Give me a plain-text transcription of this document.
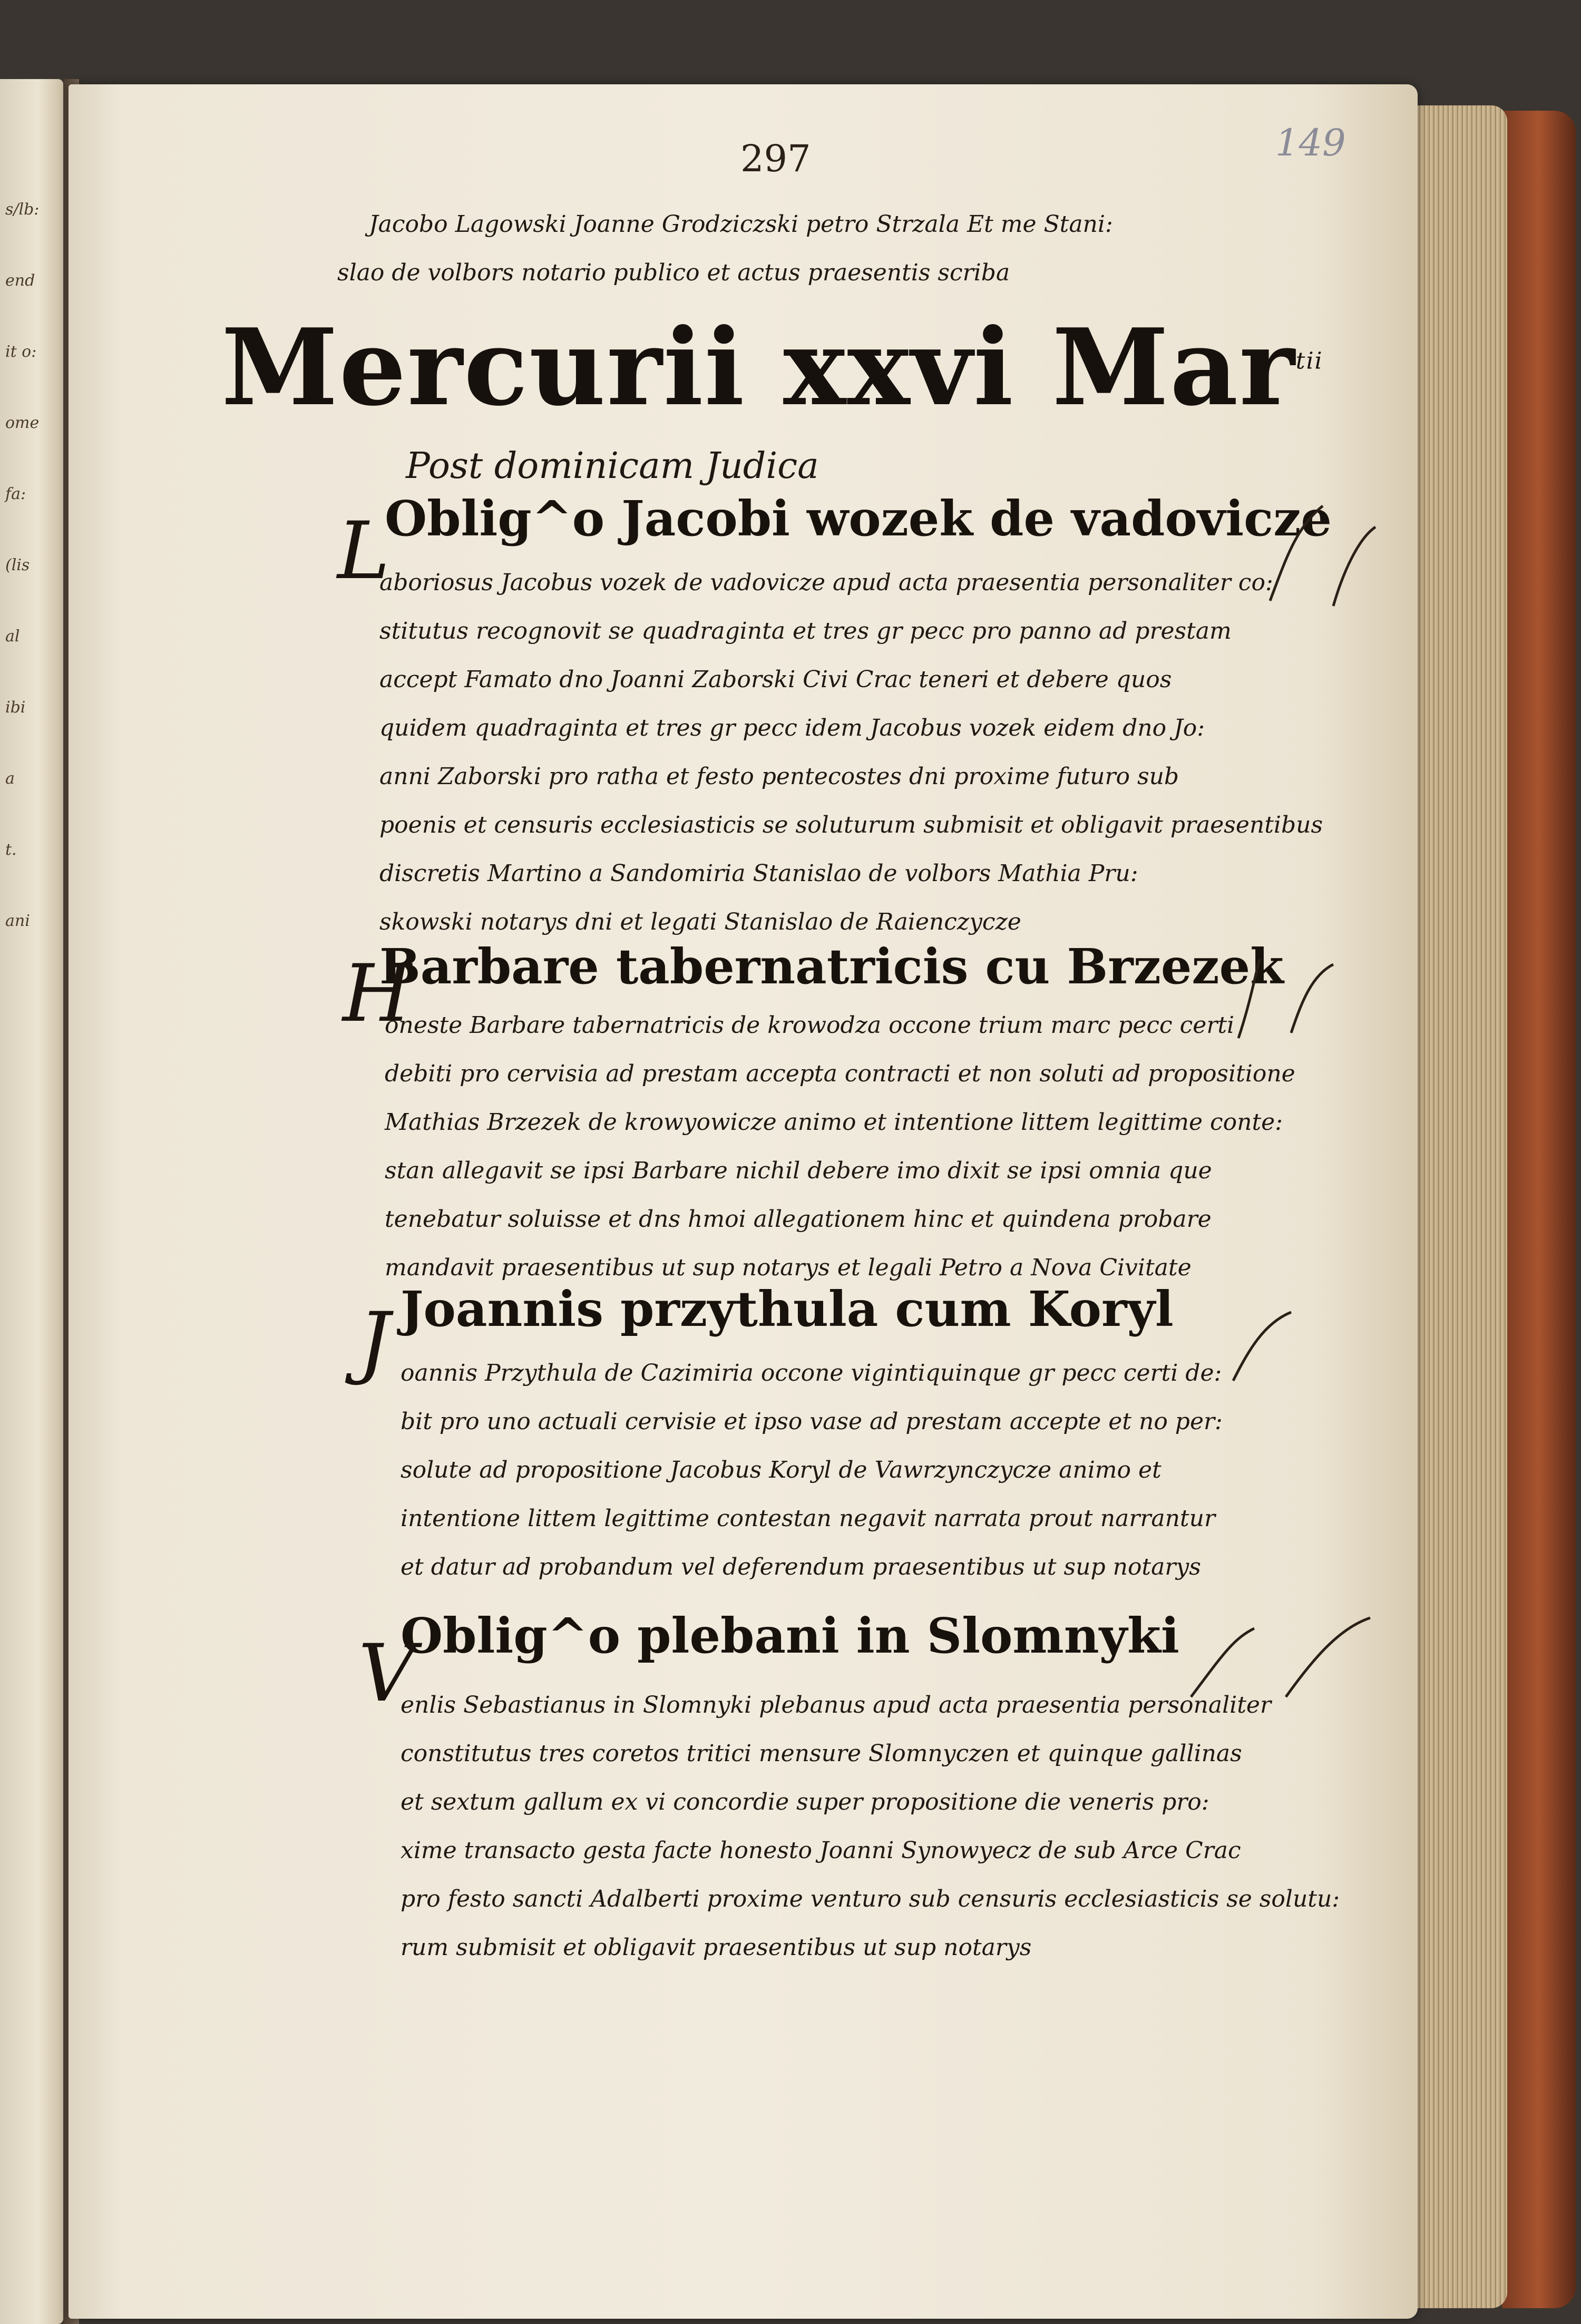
s/lb:
end
it o:
ome
fa:
(lis
al
ibi
a
t.
ani
297	149
Jacobo Lagowski Joanne Grodziczski petro Strzala Et me Stani:
slao de volbors notario publico et actus praesentis scriba
Mercurii xxvi Mar$^{tii}$
Post dominicam Judica
Oblig^o Jacobi wozek de vadovicze
L
aboriosus Jacobus vozek de vadovicze apud acta praesentia personaliter co:
stitutus recognovit se quadraginta et tres gr pecc pro panno ad prestam
accept Famato dno Joanni Zaborski Civi Crac teneri et debere quos
quidem quadraginta et tres gr pecc idem Jacobus vozek eidem dno Jo:
anni Zaborski pro ratha et festo pentecostes dni proxime futuro sub
poenis et censuris ecclesiasticis se soluturum submisit et obligavit praesentibus
discretis Martino a Sandomiria Stanislao de volbors Mathia Pru:
skowski notarys dni et legati Stanislao de Raienczycze
Barbare tabernatricis cu Brzezek
H
oneste Barbare tabernatricis de krowodza occone trium marc pecc certi
debiti pro cervisia ad prestam accepta contracti et non soluti ad propositione
Mathias Brzezek de krowyowicze animo et intentione littem legittime conte:
stan allegavit se ipsi Barbare nichil debere imo dixit se ipsi omnia que
tenebatur soluisse et dns hmoi allegationem hinc et quindena probare
mandavit praesentibus ut sup notarys et legali Petro a Nova Civitate
Joannis przythula cum Koryl
J oannis Przythula de Cazimiria occone vigintiquinque gr pecc certi de:
bit pro uno actuali cervisie et ipso vase ad prestam accepte et no per:
solute ad propositione Jacobus Koryl de Vawrzynczycze animo et
intentione littem legittime contestan negavit narrata prout narrantur
et datur ad probandum vel deferendum praesentibus ut sup notarys
Oblig^o plebani in Slomnyki
V
enlis Sebastianus in Slomnyki plebanus apud acta praesentia personaliter
constitutus tres coretos tritici mensure Slomnyczen et quinque gallinas
et sextum gallum ex vi concordie super propositione die veneris pro:
xime transacto gesta facte honesto Joanni Synowyecz de sub Arce Crac
pro festo sancti Adalberti proxime venturo sub censuris ecclesiasticis se solutu:
rum submisit et obligavit praesentibus ut sup notarys
